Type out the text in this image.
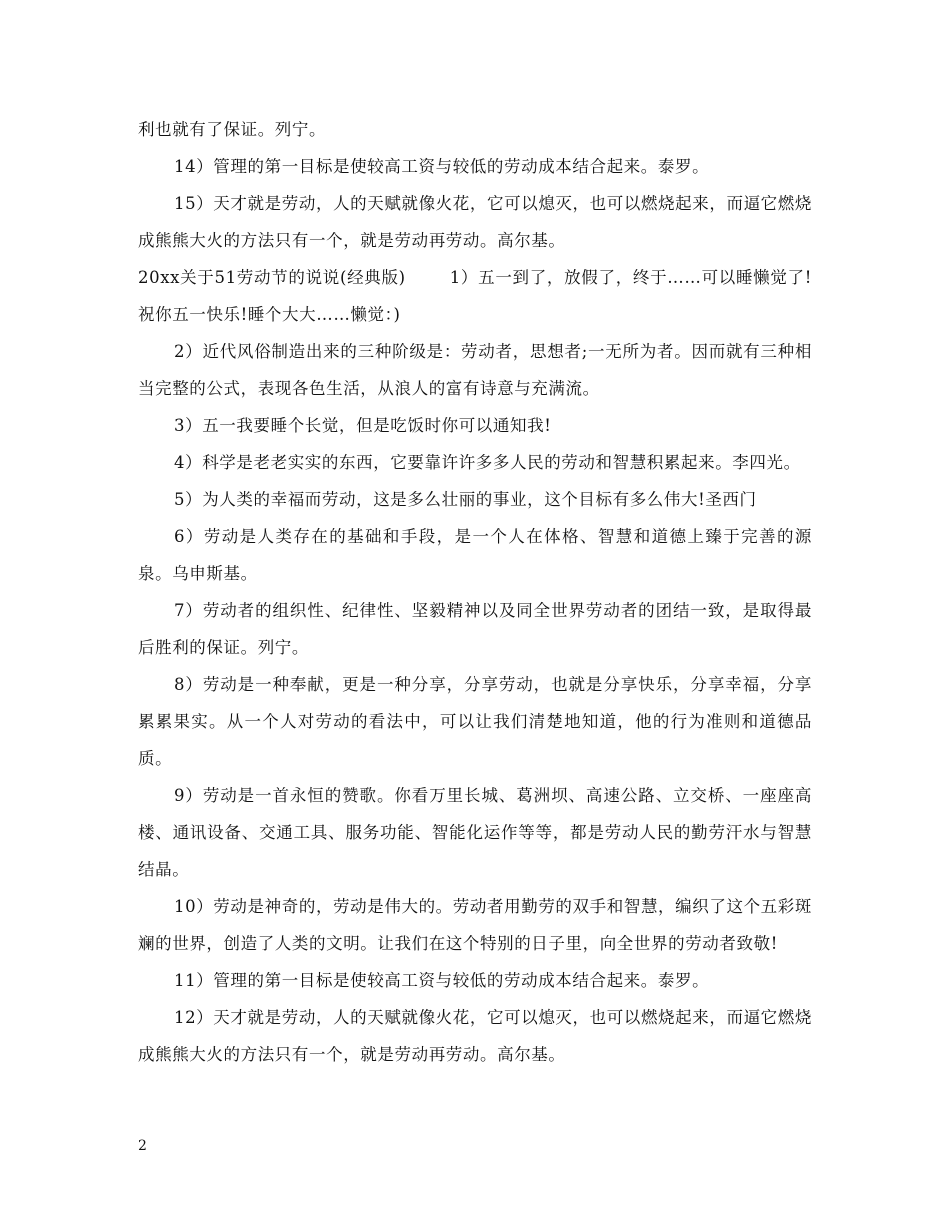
利也就有了保证。列宁。

14）管理的第一目标是使较高工资与较低的劳动成本结合起来。泰罗。

15）天才就是劳动，人的天赋就像火花，它可以熄灭，也可以燃烧起来，而逼它燃烧成熊熊大火的方法只有一个，就是劳动再劳动。高尔基。

20xx关于51劳动节的说说(经典版)	1）五一到了，放假了，终于……可以睡懒觉了!祝你五一快乐!睡个大大……懒觉：)

2）近代风俗制造出来的三种阶级是：劳动者，思想者;一无所为者。因而就有三种相当完整的公式，表现各色生活，从浪人的富有诗意与充满流。

3）五一我要睡个长觉，但是吃饭时你可以通知我!

4）科学是老老实实的东西，它要靠许许多多人民的劳动和智慧积累起来。李四光。

5）为人类的幸福而劳动，这是多么壮丽的事业，这个目标有多么伟大!圣西门

6）劳动是人类存在的基础和手段，是一个人在体格、智慧和道德上臻于完善的源泉。乌申斯基。

7）劳动者的组织性、纪律性、坚毅精神以及同全世界劳动者的团结一致，是取得最后胜利的保证。列宁。

8）劳动是一种奉献，更是一种分享，分享劳动，也就是分享快乐，分享幸福，分享累累果实。从一个人对劳动的看法中，可以让我们清楚地知道，他的行为准则和道德品质。

9）劳动是一首永恒的赞歌。你看万里长城、葛洲坝、高速公路、立交桥、一座座高楼、通讯设备、交通工具、服务功能、智能化运作等等，都是劳动人民的勤劳汗水与智慧结晶。

10）劳动是神奇的，劳动是伟大的。劳动者用勤劳的双手和智慧，编织了这个五彩斑斓的世界，创造了人类的文明。让我们在这个特别的日子里，向全世界的劳动者致敬!

11）管理的第一目标是使较高工资与较低的劳动成本结合起来。泰罗。

12）天才就是劳动，人的天赋就像火花，它可以熄灭，也可以燃烧起来，而逼它燃烧成熊熊大火的方法只有一个，就是劳动再劳动。高尔基。

2
